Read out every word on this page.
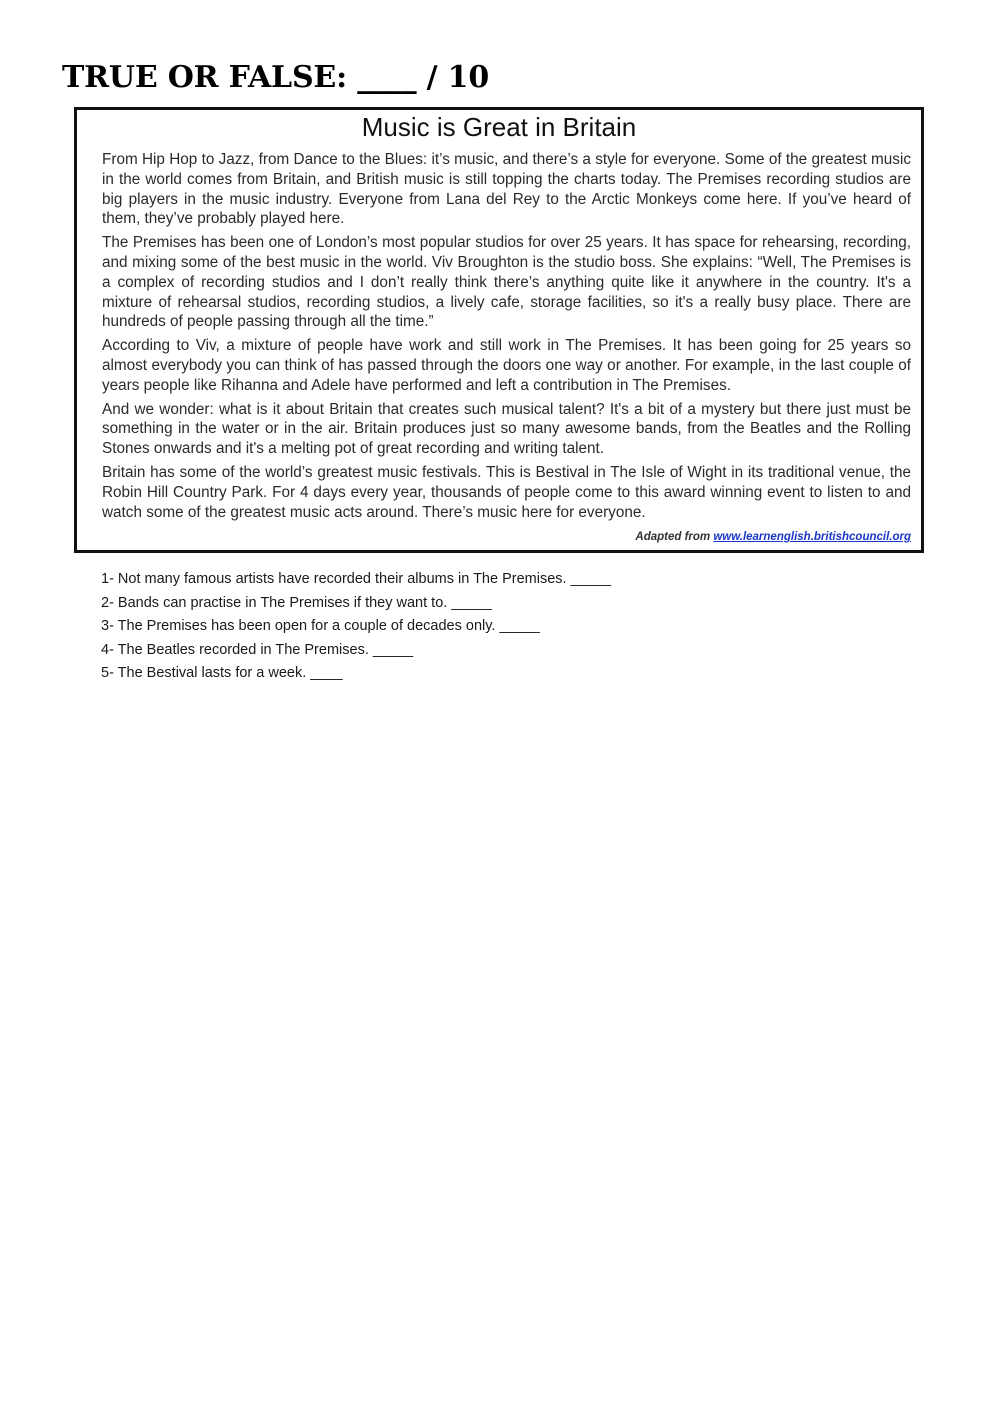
TRUE OR FALSE: ____ / 10
Music is Great in Britain

From Hip Hop to Jazz, from Dance to the Blues: it’s music, and there’s a style for everyone. Some of the greatest music in the world comes from Britain, and British music is still topping the charts today. The Premises recording studios are big players in the music industry. Everyone from Lana del Rey to the Arctic Monkeys come here. If you’ve heard of them, they’ve probably played here.

The Premises has been one of London’s most popular studios for over 25 years. It has space for rehearsing, recording, and mixing some of the best music in the world. Viv Broughton is the studio boss. She explains: “Well, The Premises is a complex of recording studios and I don’t really think there’s anything quite like it anywhere in the country. It's a mixture of rehearsal studios, recording studios, a lively cafe, storage facilities, so it's a really busy place. There are hundreds of people passing through all the time.”

According to Viv, a mixture of people have work and still work in The Premises. It has been going for 25 years so almost everybody you can think of has passed through the doors one way or another. For example, in the last couple of years people like Rihanna and Adele have performed and left a contribution in The Premises.

And we wonder: what is it about Britain that creates such musical talent? It's a bit of a mystery but there just must be something in the water or in the air. Britain produces just so many awesome bands, from the Beatles and the Rolling Stones onwards and it's a melting pot of great recording and writing talent.

Britain has some of the world’s greatest music festivals. This is Bestival in The Isle of Wight in its traditional venue, the Robin Hill Country Park. For 4 days every year, thousands of people come to this award winning event to listen to and watch some of the greatest music acts around. There’s music here for everyone.

Adapted from www.learnenglish.britishcouncil.org
1- Not many famous artists have recorded their albums in The Premises. _____
2- Bands can practise in The Premises if they want to. _____
3- The Premises has been open for a couple of decades only. _____
4- The Beatles recorded in The Premises. _____
5- The Bestival lasts for a week. ____
